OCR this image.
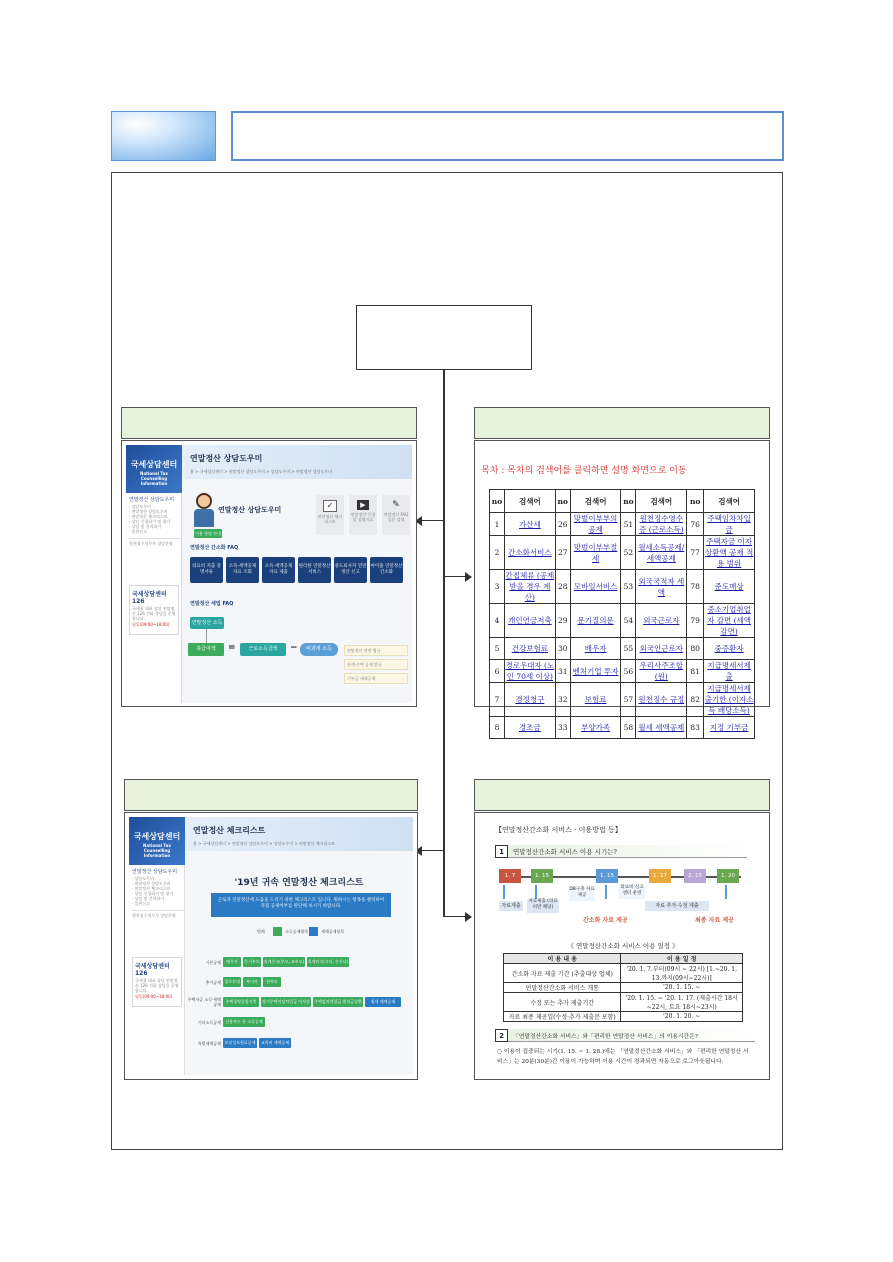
국세상담센터
National Tax Counselling Information
연말정산 상담도우미
· 상담도우미
· 연말정산 상담도우미
· 연말정산 체크리스트
· 상담 신청하기 및 평가
· 상담 및 건의하기
· 불편신고
원천징수의무자 상담운영
국세상담센터 126
국세청 대표 상담 연말정산 126 전화 상담을 운영합니다.
평일(09:00~18:00)
연말정산 상담도우미
홈 > 국세상담센터 > 연말정산 상담도우미 > 상담도우미 > 연말정산 상담도우미
연말정산 상담도우미
이용 방법 안내
✓
연말정산 체크리스트
▶
연말정산 동영상 설명자료
✎
연말정산 FAQ 질문 검색
연말정산 간소화 FAQ
의료비 지출 증명서류
소득·세액공제 자료 조회
소득·세액공제 자료 제출
편리한 연말정산 서비스
중도퇴사자 연말정산 신고
마이홈 연말정산간소화
연말정산 세법 FAQ
연말정산 소득
총급여액	=	근로소득금액	−	비과세 소득	연말정산 관련 법규
월세·주택 공제 법규
기부금 세액공제
목차 : 목차의 검색어를 클릭하면 설명 화면으로 이동
no	검색어	no	검색어	no	검색어	no	검색어
1	가산세	26	맞벌이부부의 공제	51	원천징수영수증 (근로소득)	76	주택임차차입금
2	간소화서비스	27	맞벌이부부절세	52	월세소득공제/세액공제	77	주택자금 이자상환액 공제 적용 범위
3	간접체류 (공제받을 경우 계산)	28	모바일서비스	53	외국국적자 세액	78	준도매상
4	개인연금저축	29	문기질의문	54	외국근로자	79	중소기업취업자 감면 (세액감면)
5	건강보험료	30	배우자	55	외국인근로자	80	중증환자
6	경로우대자 (노인 70세 이상)	31	벤처기업 투자	56	우리사주조합(원)	81	지급명세서제출
7	경정청구	32	보험료	57	원천징수 규정	82	지급명세서제출기한 (이자소득 배당소득)
8	경조금	33	부양가족	58	월세 세액공제	83	지정 기부금
국세상담센터
National Tax Counselling Information
연말정산 상담도우미
· 상담도우미
· 연말정산 상담도우미
· 연말정산 체크리스트
· 상담 신청하기 및 평가
· 상담 및 건의하기
· 불편신고
원천징수의무자 상담운영
국세상담센터 126
국세청 대표 상담 연말정산 126 전화 상담을 운영합니다.
평일(09:00~18:00)
연말정산 체크리스트
홈 > 국세상담센터 > 연말정산 상담도우미 > 상담도우미 > 연말정산 체크리스트
'19년 귀속 연말정산 체크리스트
근로자 연말정산에 도움을 드리기 위한 체크리스트 입니다. 원하시는 항목을 클릭하여 직접 공제여부를 판단해 보시기 바랍니다.
범례	소득공제항목	세액공제항목
기본공제	배우자	동거부모	직계존속(부모, 조부모) 직계비속(자녀, 손자녀)
추가공제 경로우대	부녀자	한부모
주택자금 소득·세액공제
주택청약종합저축	장기주택저당차입금 이자상환액
주택임차차입금 원리금상환액
월세 세액공제
기타소득공제	신용카드 등 소득공제
특별세액공제 보장성보험료공제	교육비 세액공제
【연말정산간소화 서비스 - 이용방법 등】
1	연말정산간소화 서비스 이용 시기는?
1. 7	1. 15	1. 15	1. 17	2. 15	1. 20
자료제출
자료제출 (의료비만 해당)
DB구축 자료제공
의료비 신고 센터 운영
자료 추가·수정 제출
간소화 자료 제공	최종 자료 제공
《 연말정산간소화 서비스 이용 일정 》
이 용 내 용	이 용 일 정
간소화 자료 제출 기간 (추출대상 업체)	'20. 1. 7.부터(09시 ~ 22시) [1.~20. 1. 13.까지(09시~22시)]
연말정산간소화 서비스 개통	'20. 1. 15. ~
수정 또는 추가 제출기간	'20. 1. 15. ~ '20. 1. 17. (제출시간 18시~22시, 토요 18시~23시)
자료 최종 제공일(수정·추가 제출분 포함)	'20. 1. 20. ~
2	「연말정산간소화 서비스」와「편리한 연말정산 서비스」의 이용시간은?
○ 이용이 집중되는 시기(1. 15. ~ 1. 28.)에는 「연말정산간소화 서비스」와 「편리한 연말정산 서비스」는 20분(30분)간 이용이 가능하며 이용 시간이 경과되면 자동으로 로그아웃됩니다.
